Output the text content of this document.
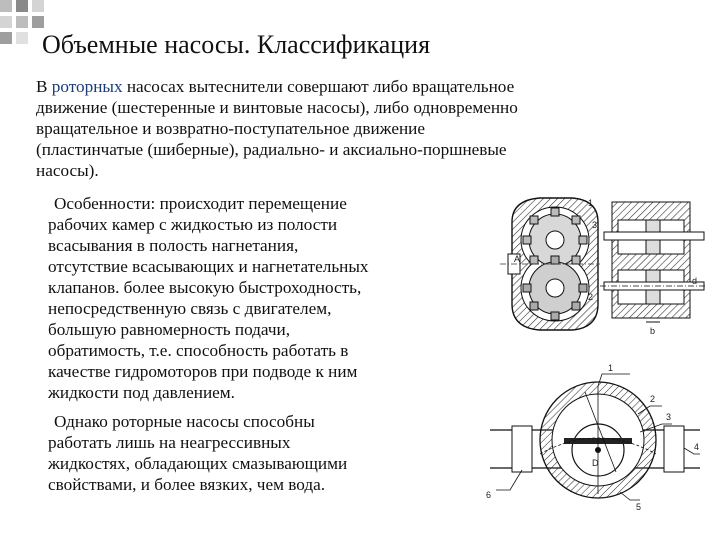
Объемные насосы. Классификация
В роторных насосах вытеснители совершают либо вращательное
движение (шестеренные и винтовые насосы), либо одновременно
вращательное и возвратно-поступательное движение
(пластинчатые (шиберные), радиально- и аксиально-поршневые
насосы).
Особенности: происходит перемещение
рабочих камер с жидкостью из полости
всасывания в полость нагнетания,
отсутствие всасывающих и нагнетательных
клапанов. более высокую быстроходность,
непосредственную связь с двигателем,
большую равномерность подачи,
обратимость, т.е. способность работать в
качестве гидромоторов при подводе к ним
жидкости под давлением.
Однако роторные насосы способны
работать лишь на неагрессивных
жидкостях, обладающих смазывающими
свойствами, и более вязких, чем вода.
A
1
3
2
b
d
1
2
3
4
5
6
D
